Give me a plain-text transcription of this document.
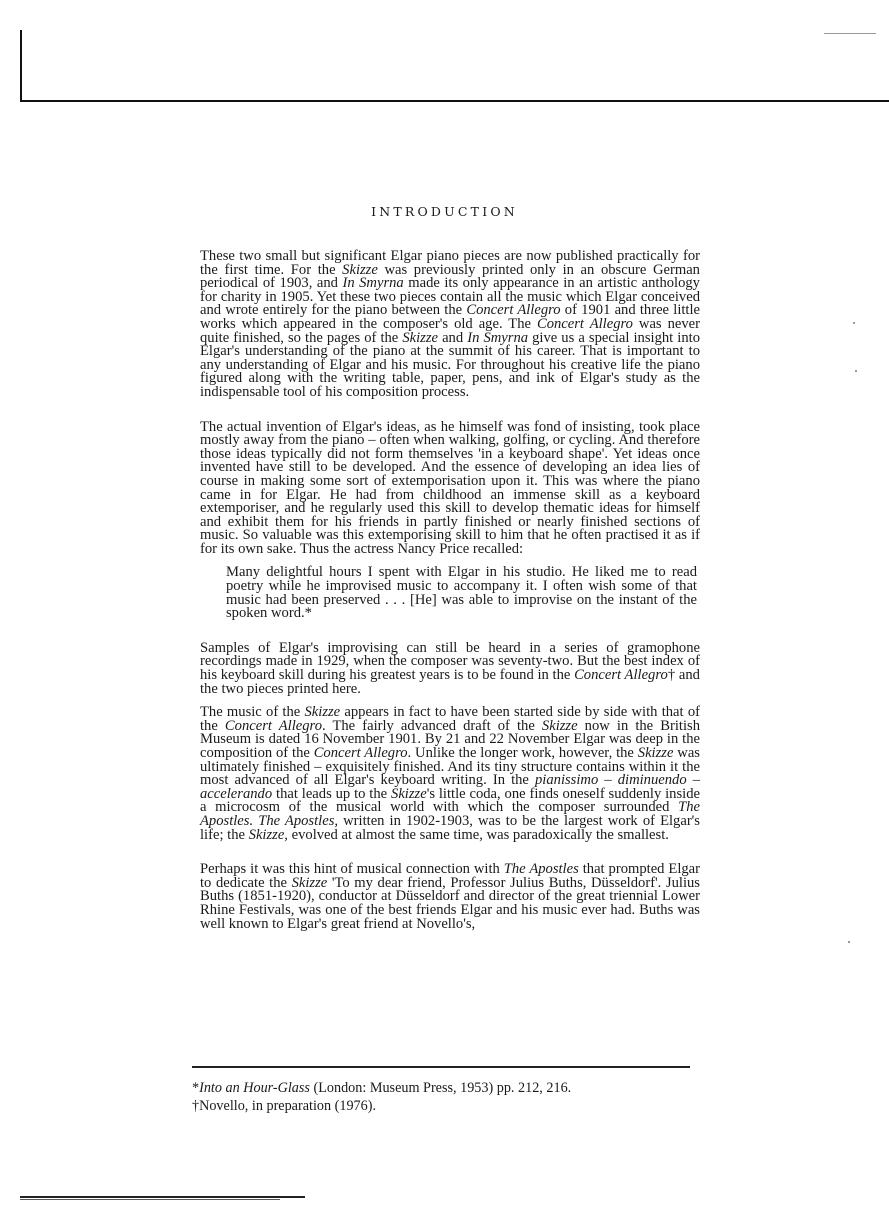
INTRODUCTION

These two small but significant Elgar piano pieces are now published practically for the first time. For the Skizze was previously printed only in an obscure German periodical of 1903, and In Smyrna made its only appearance in an artistic anthology for charity in 1905. Yet these two pieces contain all the music which Elgar conceived and wrote entirely for the piano between the Concert Allegro of 1901 and three little works which appeared in the composer's old age. The Concert Allegro was never quite finished, so the pages of the Skizze and In Smyrna give us a special insight into Elgar's understanding of the piano at the summit of his career. That is important to any understanding of Elgar and his music. For throughout his creative life the piano figured along with the writing table, paper, pens, and ink of Elgar's study as the indispensable tool of his composition process.

The actual invention of Elgar's ideas, as he himself was fond of insisting, took place mostly away from the piano – often when walking, golfing, or cycling. And therefore those ideas typically did not form themselves 'in a keyboard shape'. Yet ideas once invented have still to be developed. And the essence of developing an idea lies of course in making some sort of extemporisation upon it. This was where the piano came in for Elgar. He had from childhood an immense skill as a keyboard extemporiser, and he regularly used this skill to develop thematic ideas for himself and exhibit them for his friends in partly finished or nearly finished sections of music. So valuable was this extemporising skill to him that he often practised it as if for its own sake. Thus the actress Nancy Price recalled:

Many delightful hours I spent with Elgar in his studio. He liked me to read poetry while he improvised music to accompany it. I often wish some of that music had been preserved . . . [He] was able to improvise on the instant of the spoken word.*

Samples of Elgar's improvising can still be heard in a series of gramophone recordings made in 1929, when the composer was seventy-two. But the best index of his keyboard skill during his greatest years is to be found in the Concert Allegro† and the two pieces printed here.

The music of the Skizze appears in fact to have been started side by side with that of the Concert Allegro. The fairly advanced draft of the Skizze now in the British Museum is dated 16 November 1901. By 21 and 22 November Elgar was deep in the composition of the Concert Allegro. Unlike the longer work, however, the Skizze was ultimately finished – exquisitely finished. And its tiny structure contains within it the most advanced of all Elgar's keyboard writing. In the pianissimo – diminuendo – accelerando that leads up to the Skizze's little coda, one finds oneself suddenly inside a microcosm of the musical world with which the composer surrounded The Apostles. The Apostles, written in 1902-1903, was to be the largest work of Elgar's life; the Skizze, evolved at almost the same time, was paradoxically the smallest.

Perhaps it was this hint of musical connection with The Apostles that prompted Elgar to dedicate the Skizze 'To my dear friend, Professor Julius Buths, Düsseldorf'. Julius Buths (1851-1920), conductor at Düsseldorf and director of the great triennial Lower Rhine Festivals, was one of the best friends Elgar and his music ever had. Buths was well known to Elgar's great friend at Novello's,

*Into an Hour-Glass (London: Museum Press, 1953) pp. 212, 216.
†Novello, in preparation (1976).
